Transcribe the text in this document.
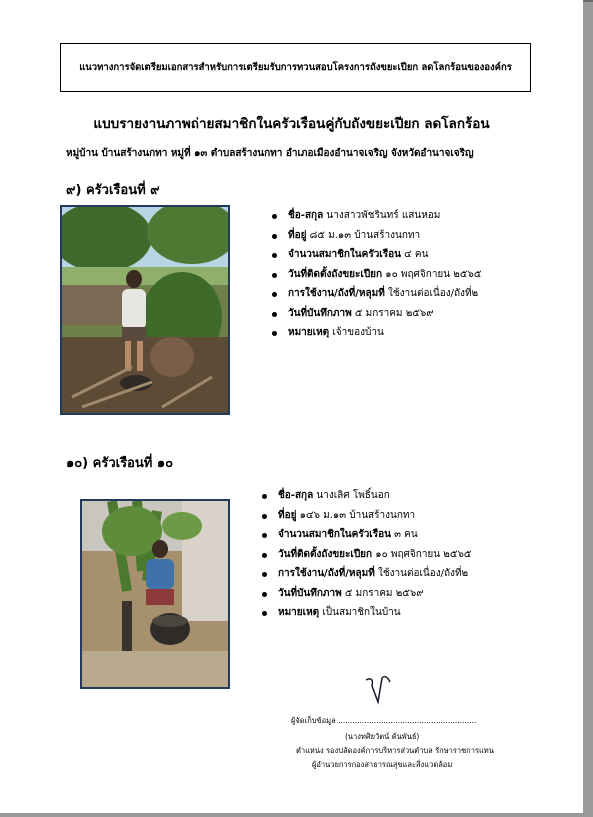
แนวทางการจัดเตรียมเอกสารสำหรับการเตรียมรับการทวนสอบโครงการถังขยะเปียก ลดโลกร้อนขององค์กร
แบบรายงานภาพถ่ายสมาชิกในครัวเรือนคู่กับถังขยะเปียก ลดโลกร้อน
หมู่บ้าน บ้านสร้างนกทา หมู่ที่ ๑๓ ตำบลสร้างนกทา อำเภอเมืองอำนาจเจริญ จังหวัดอำนาจเจริญ
๙) ครัวเรือนที่ ๙
ชื่อ-สกุล นางสาวพัชรินทร์ แสนหอม
ที่อยู่ ๘๕ ม.๑๓ บ้านสร้างนกทา
จำนวนสมาชิกในครัวเรือน ๔ คน
วันที่ติดตั้งถังขยะเปียก ๑๐ พฤศจิกายน ๒๕๖๕
การใช้งาน/ถังที่/หลุมที่ ใช้งานต่อเนื่อง/ถังที่๒
วันที่บันทึกภาพ ๕ มกราคม ๒๕๖๙
หมายเหตุ เจ้าของบ้าน
๑๐) ครัวเรือนที่ ๑๐
ชื่อ-สกุล นางเลิศ โพธิ์นอก
ที่อยู่ ๑๔๖ ม.๑๓ บ้านสร้างนกทา
จำนวนสมาชิกในครัวเรือน ๓ คน
วันที่ติดตั้งถังขยะเปียก ๑๐ พฤศจิกายน ๒๕๖๕
การใช้งาน/ถังที่/หลุมที่ ใช้งานต่อเนื่อง/ถังที่๒
วันที่บันทึกภาพ ๕ มกราคม ๒๕๖๙
หมายเหตุ เป็นสมาชิกในบ้าน
ผู้จัดเก็บข้อมูล ..........................................................
(นางทศิยวัตน์ ค้นพันธ์)
ตำแหน่ง รองปลัดองค์การบริหารส่วนตำบล รักษาราชการแทน
ผู้อำนวยการกองสาธารณสุขและสิ่งแวดล้อม
